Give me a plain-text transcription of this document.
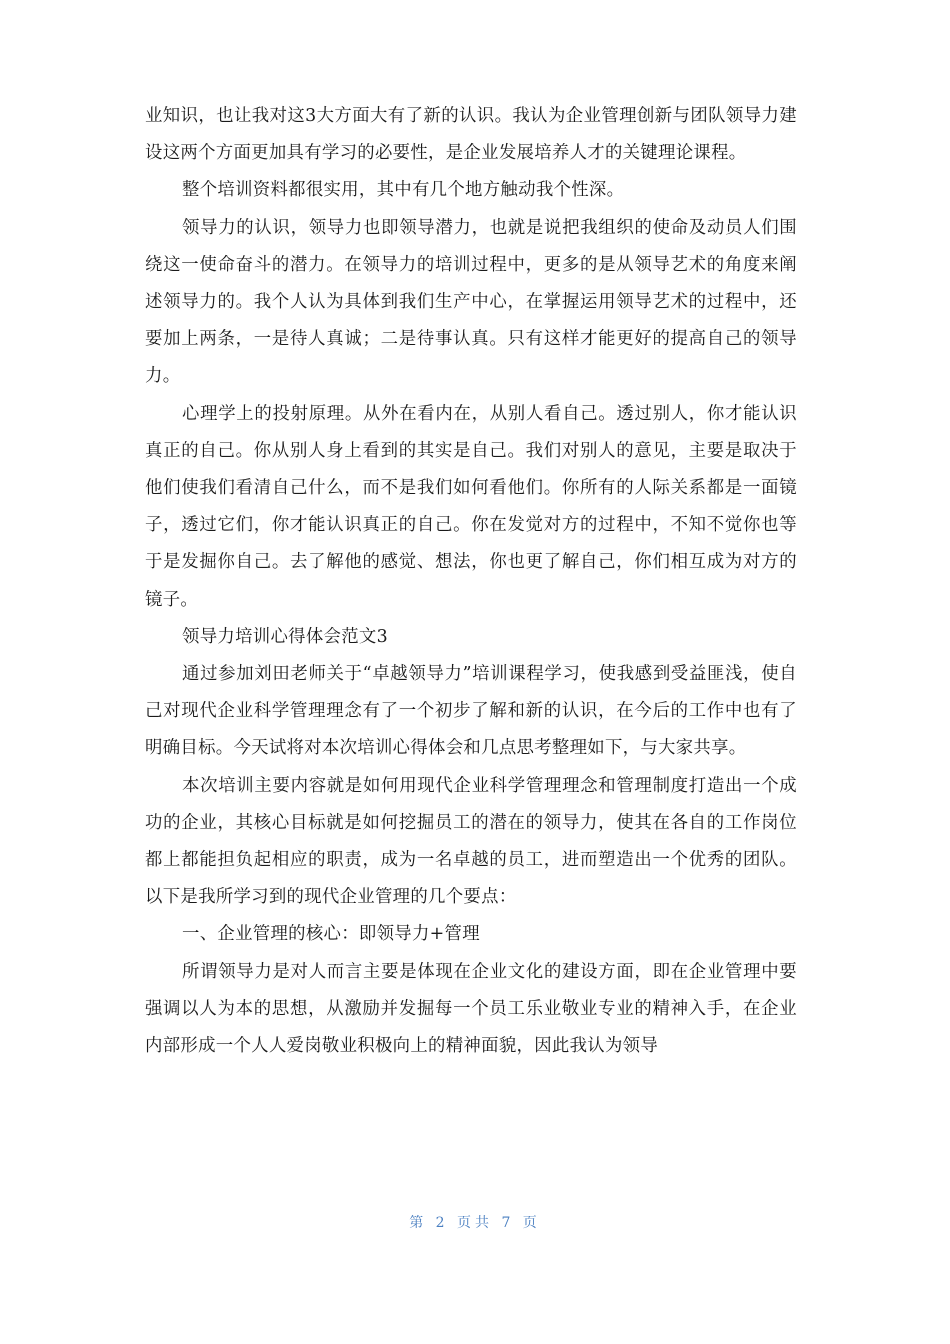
业知识，也让我对这3大方面大有了新的认识。我认为企业管理创新与团队领导力建设这两个方面更加具有学习的必要性，是企业发展培养人才的关键理论课程。

整个培训资料都很实用，其中有几个地方触动我个性深。

领导力的认识，领导力也即领导潜力，也就是说把我组织的使命及动员人们围绕这一使命奋斗的潜力。在领导力的培训过程中，更多的是从领导艺术的角度来阐述领导力的。我个人认为具体到我们生产中心，在掌握运用领导艺术的过程中，还要加上两条，一是待人真诚；二是待事认真。只有这样才能更好的提高自己的领导力。

心理学上的投射原理。从外在看内在，从别人看自己。透过别人，你才能认识真正的自己。你从别人身上看到的其实是自己。我们对别人的意见，主要是取决于他们使我们看清自己什么，而不是我们如何看他们。你所有的人际关系都是一面镜子，透过它们，你才能认识真正的自己。你在发觉对方的过程中，不知不觉你也等于是发掘你自己。去了解他的感觉、想法，你也更了解自己，你们相互成为对方的镜子。

领导力培训心得体会范文3

通过参加刘田老师关于“卓越领导力”培训课程学习，使我感到受益匪浅，使自己对现代企业科学管理理念有了一个初步了解和新的认识，在今后的工作中也有了明确目标。今天试将对本次培训心得体会和几点思考整理如下，与大家共享。

本次培训主要内容就是如何用现代企业科学管理理念和管理制度打造出一个成功的企业，其核心目标就是如何挖掘员工的潜在的领导力，使其在各自的工作岗位都上都能担负起相应的职责，成为一名卓越的员工，进而塑造出一个优秀的团队。以下是我所学习到的现代企业管理的几个要点：

一、企业管理的核心：即领导力+管理

所谓领导力是对人而言主要是体现在企业文化的建设方面，即在企业管理中要强调以人为本的思想，从激励并发掘每一个员工乐业敬业专业的精神入手，在企业内部形成一个人人爱岗敬业积极向上的精神面貌，因此我认为领导

第 2 页共 7 页
